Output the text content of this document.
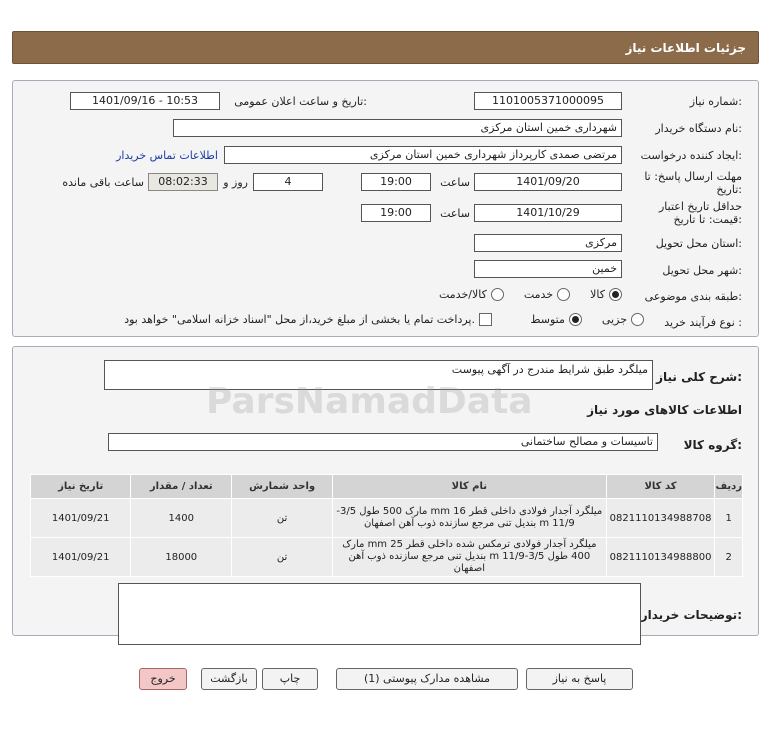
جزئیات اطلاعات نیاز
شماره نیاز:
1101005371000095
تاریخ و ساعت اعلان عمومی:
1401/09/16 - 10:53
نام دستگاه خریدار:
شهرداری خمین استان مرکزی
ایجاد کننده درخواست:
مرتضی صمدی کارپرداز شهرداری خمین استان مرکزی
اطلاعات تماس خریدار
مهلت ارسال پاسخ: تا
تاریخ:
1401/09/20
ساعت
19:00
4
روز و
08:02:33
ساعت باقی مانده
حداقل تاریخ اعتبار
قیمت: تا تاریخ:
1401/10/29
ساعت
19:00
استان محل تحویل:
مرکزی
شهر محل تحویل:
خمین
طبقه بندی موضوعی:
کالا
خدمت
کالا/خدمت
نوع فرآیند خرید :
جزیی
متوسط
پرداخت تمام یا بخشی از مبلغ خرید،از محل "اسناد خزانه اسلامی" خواهد بود.
شرح کلی نیاز:
میلگرد طبق شرایط مندرج در آگهی پیوست
اطلاعات کالاهای مورد نیاز
گروه کالا:
تاسیسات و مصالح ساختمانی
ردیف	کد کالا	نام کالا	واحد شمارش	تعداد / مقدار	تاریخ نیاز
1	0821110134988708	میلگرد آجدار فولادی داخلی قطر mm 16 مارک 500 طول 3/5-
m 11/9 بندیل تنی مرجع سازنده ذوب آهن اصفهان	تن	1400	1401/09/21
2	0821110134988800	میلگرد آجدار فولادی ترمکس شده داخلی قطر mm 25 مارک
400 طول m 11/9-3/5 بندیل تنی مرجع سازنده ذوب آهن
اصفهان	تن	18000	1401/09/21
توضیحات خریدار:
ParsNamadData
پاسخ به نیاز
مشاهده مدارک پیوستی (1)
چاپ
بازگشت
خروج
